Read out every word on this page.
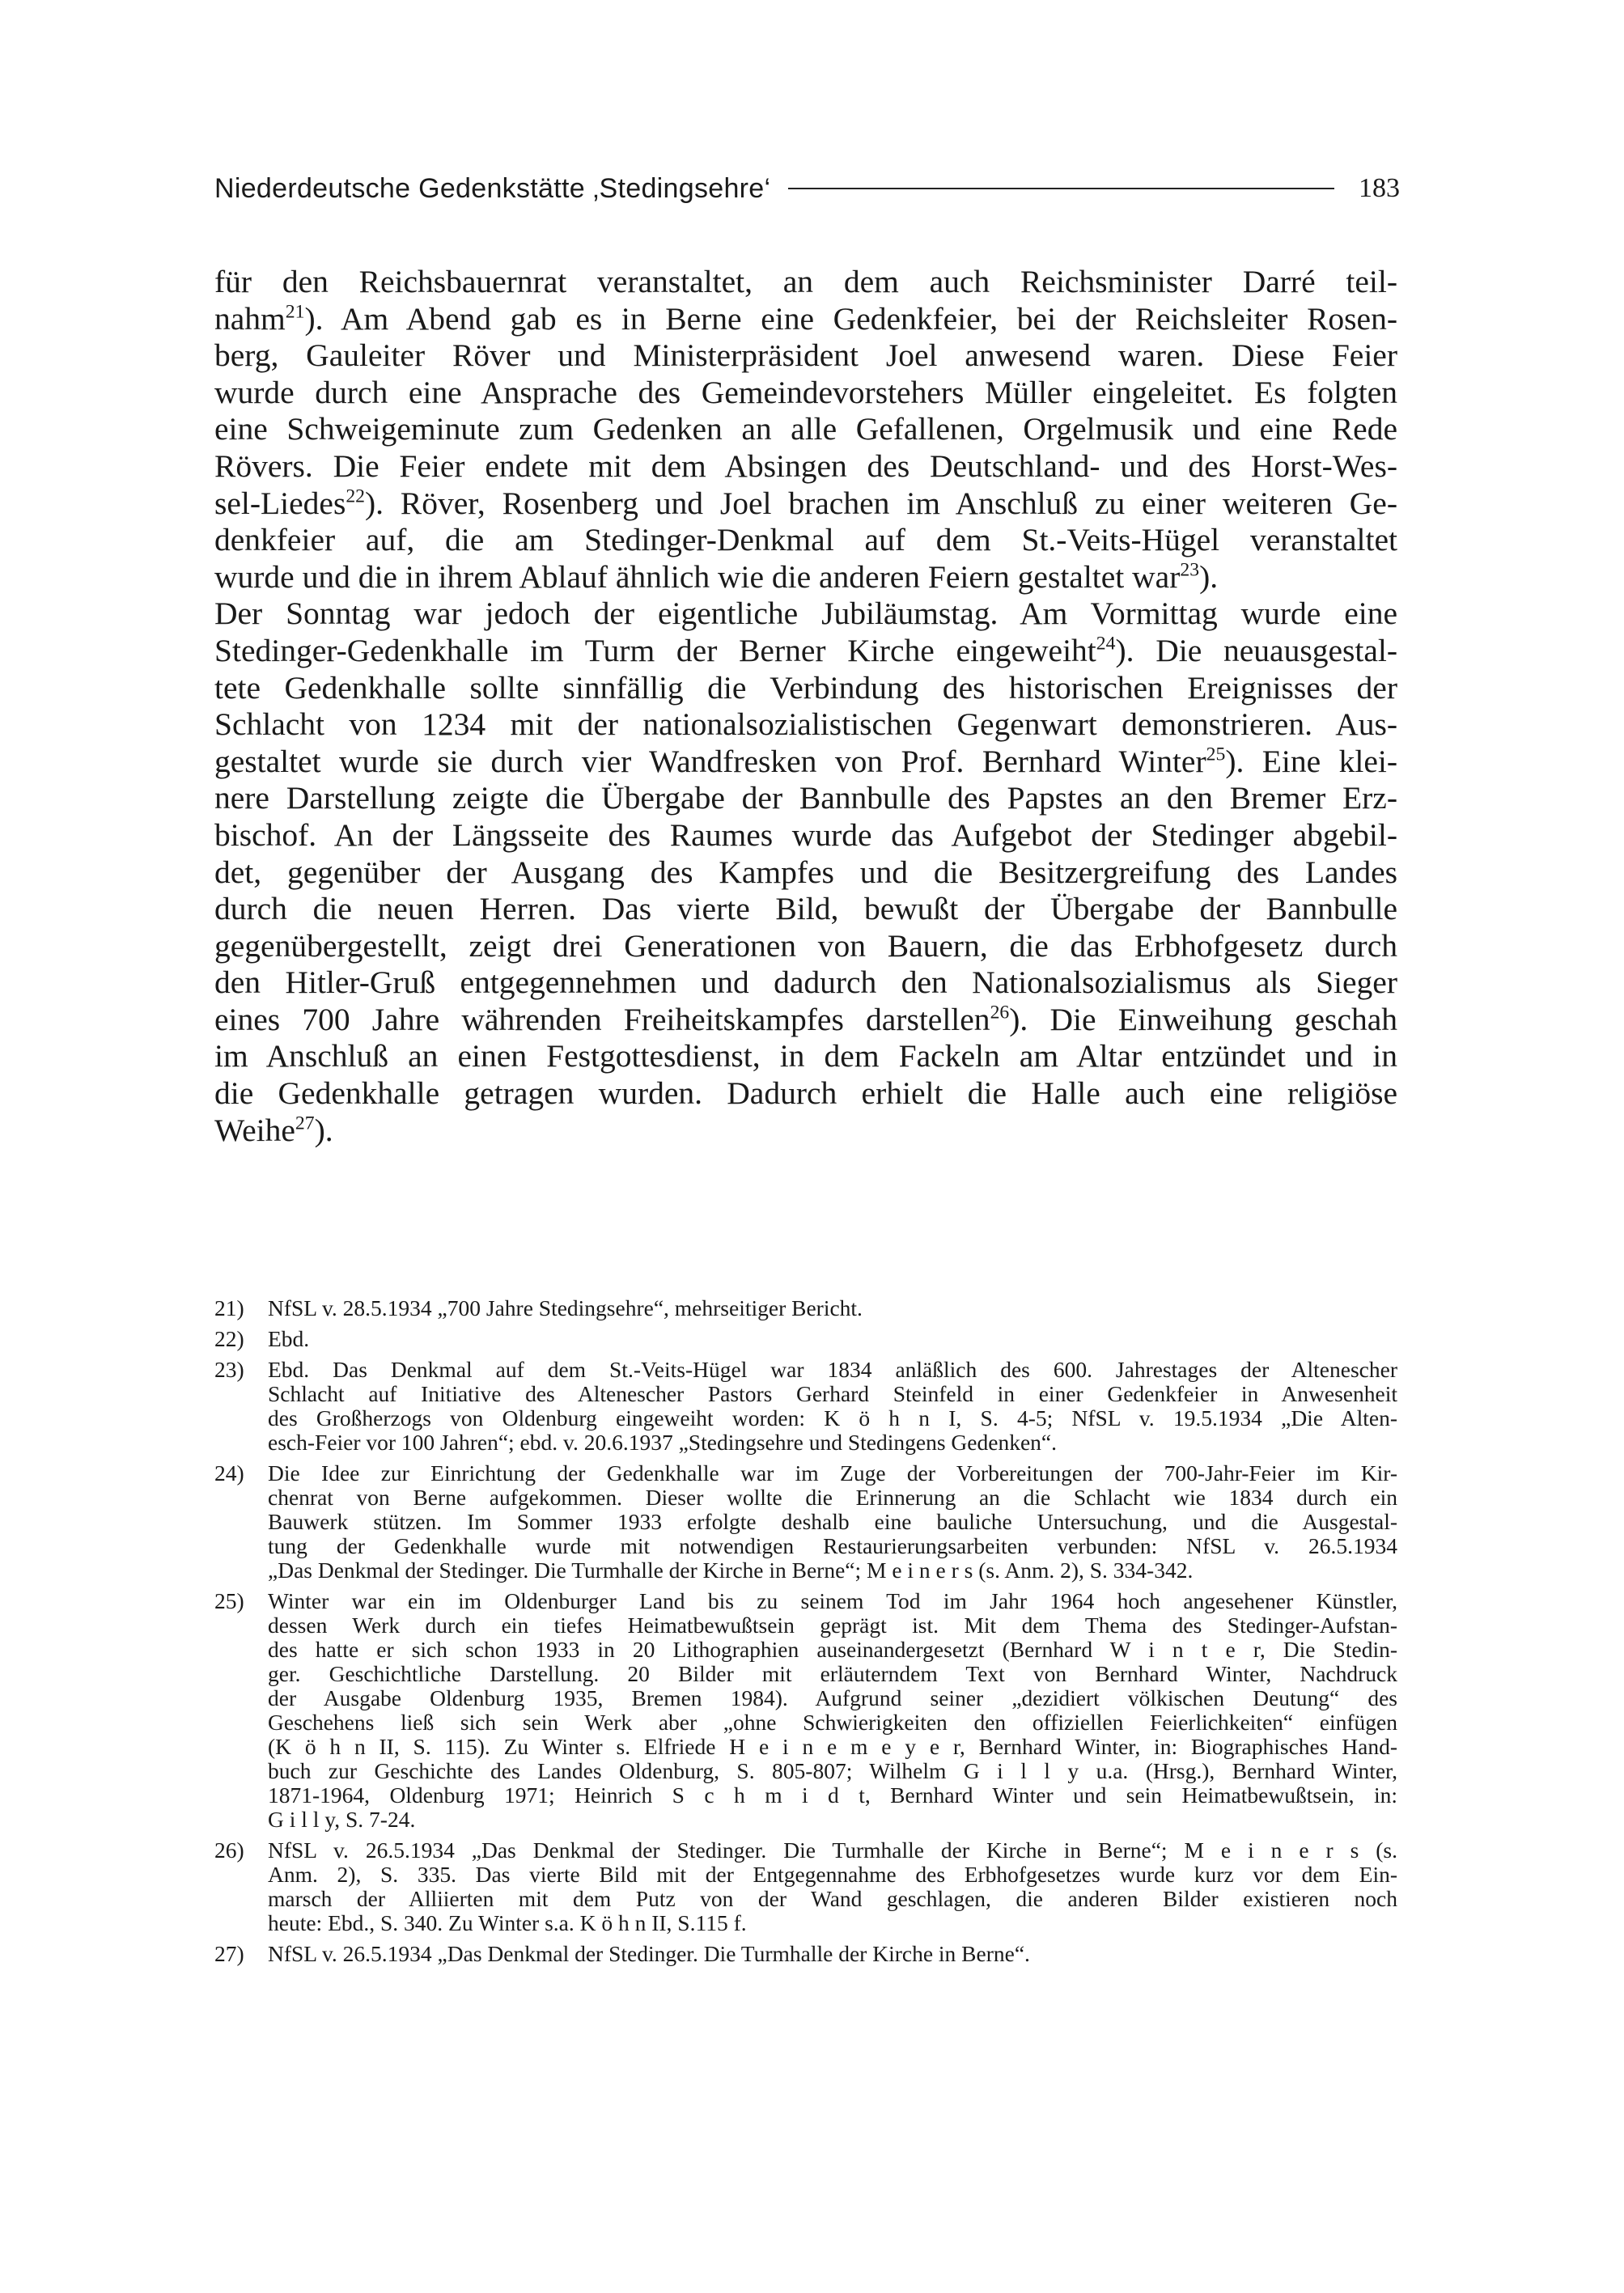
Niederdeutsche Gedenkstätte ‚Stedingsehre‘	183
für den Reichsbauernrat veranstaltet, an dem auch Reichsminister Darré teil-
nahm$^{21}$). Am Abend gab es in Berne eine Gedenkfeier, bei der Reichsleiter Rosen-
berg, Gauleiter Röver und Ministerpräsident Joel anwesend waren. Diese Feier
wurde durch eine Ansprache des Gemeindevorstehers Müller eingeleitet. Es folgten
eine Schweigeminute zum Gedenken an alle Gefallenen, Orgelmusik und eine Rede
Rövers. Die Feier endete mit dem Absingen des Deutschland- und des Horst-Wes-
sel-Liedes$^{22}$). Röver, Rosenberg und Joel brachen im Anschluß zu einer weiteren Ge-
denkfeier auf, die am Stedinger-Denkmal auf dem St.-Veits-Hügel veranstaltet
wurde und die in ihrem Ablauf ähnlich wie die anderen Feiern gestaltet war$^{23}$).
Der Sonntag war jedoch der eigentliche Jubiläumstag. Am Vormittag wurde eine
Stedinger-Gedenkhalle im Turm der Berner Kirche eingeweiht$^{24}$). Die neuausgestal-
tete Gedenkhalle sollte sinnfällig die Verbindung des historischen Ereignisses der
Schlacht von 1234 mit der nationalsozialistischen Gegenwart demonstrieren. Aus-
gestaltet wurde sie durch vier Wandfresken von Prof. Bernhard Winter$^{25}$). Eine klei-
nere Darstellung zeigte die Übergabe der Bannbulle des Papstes an den Bremer Erz-
bischof. An der Längsseite des Raumes wurde das Aufgebot der Stedinger abgebil-
det, gegenüber der Ausgang des Kampfes und die Besitzergreifung des Landes
durch die neuen Herren. Das vierte Bild, bewußt der Übergabe der Bannbulle
gegenübergestellt, zeigt drei Generationen von Bauern, die das Erbhofgesetz durch
den Hitler-Gruß entgegennehmen und dadurch den Nationalsozialismus als Sieger
eines 700 Jahre währenden Freiheitskampfes darstellen$^{26}$). Die Einweihung geschah
im Anschluß an einen Festgottesdienst, in dem Fackeln am Altar entzündet und in
die Gedenkhalle getragen wurden. Dadurch erhielt die Halle auch eine religiöse
Weihe$^{27}$).
21) NfSL v. 28.5.1934 „700 Jahre Stedingsehre“, mehrseitiger Bericht.
22) Ebd.
23) Ebd. Das Denkmal auf dem St.-Veits-Hügel war 1834 anläßlich des 600. Jahrestages der Altenescher
Schlacht auf Initiative des Altenescher Pastors Gerhard Steinfeld in einer Gedenkfeier in Anwesenheit
des Großherzogs von Oldenburg eingeweiht worden: K ö h n I, S. 4-5; NfSL v. 19.5.1934 „Die Alten-
esch-Feier vor 100 Jahren“; ebd. v. 20.6.1937 „Stedingsehre und Stedingens Gedenken“.
24) Die Idee zur Einrichtung der Gedenkhalle war im Zuge der Vorbereitungen der 700-Jahr-Feier im Kir-
chenrat von Berne aufgekommen. Dieser wollte die Erinnerung an die Schlacht wie 1834 durch ein
Bauwerk stützen. Im Sommer 1933 erfolgte deshalb eine bauliche Untersuchung, und die Ausgestal-
tung der Gedenkhalle wurde mit notwendigen Restaurierungsarbeiten verbunden: NfSL v. 26.5.1934
„Das Denkmal der Stedinger. Die Turmhalle der Kirche in Berne“; M e i n e r s (s. Anm. 2), S. 334-342.
25) Winter war ein im Oldenburger Land bis zu seinem Tod im Jahr 1964 hoch angesehener Künstler,
dessen Werk durch ein tiefes Heimatbewußtsein geprägt ist. Mit dem Thema des Stedinger-Aufstan-
des hatte er sich schon 1933 in 20 Lithographien auseinandergesetzt (Bernhard W i n t e r, Die Stedin-
ger. Geschichtliche Darstellung. 20 Bilder mit erläuterndem Text von Bernhard Winter, Nachdruck
der Ausgabe Oldenburg 1935, Bremen 1984). Aufgrund seiner „dezidiert völkischen Deutung“ des
Geschehens ließ sich sein Werk aber „ohne Schwierigkeiten den offiziellen Feierlichkeiten“ einfügen
(K ö h n II, S. 115). Zu Winter s. Elfriede H e i n e m e y e r, Bernhard Winter, in: Biographisches Hand-
buch zur Geschichte des Landes Oldenburg, S. 805-807; Wilhelm G i l l y u.a. (Hrsg.), Bernhard Winter,
1871-1964, Oldenburg 1971; Heinrich S c h m i d t, Bernhard Winter und sein Heimatbewußtsein, in:
G i l l y, S. 7-24.
26) NfSL v. 26.5.1934 „Das Denkmal der Stedinger. Die Turmhalle der Kirche in Berne“; M e i n e r s (s.
Anm. 2), S. 335. Das vierte Bild mit der Entgegennahme des Erbhofgesetzes wurde kurz vor dem Ein-
marsch der Alliierten mit dem Putz von der Wand geschlagen, die anderen Bilder existieren noch
heute: Ebd., S. 340. Zu Winter s.a. K ö h n II, S.115 f.
27) NfSL v. 26.5.1934 „Das Denkmal der Stedinger. Die Turmhalle der Kirche in Berne“.
